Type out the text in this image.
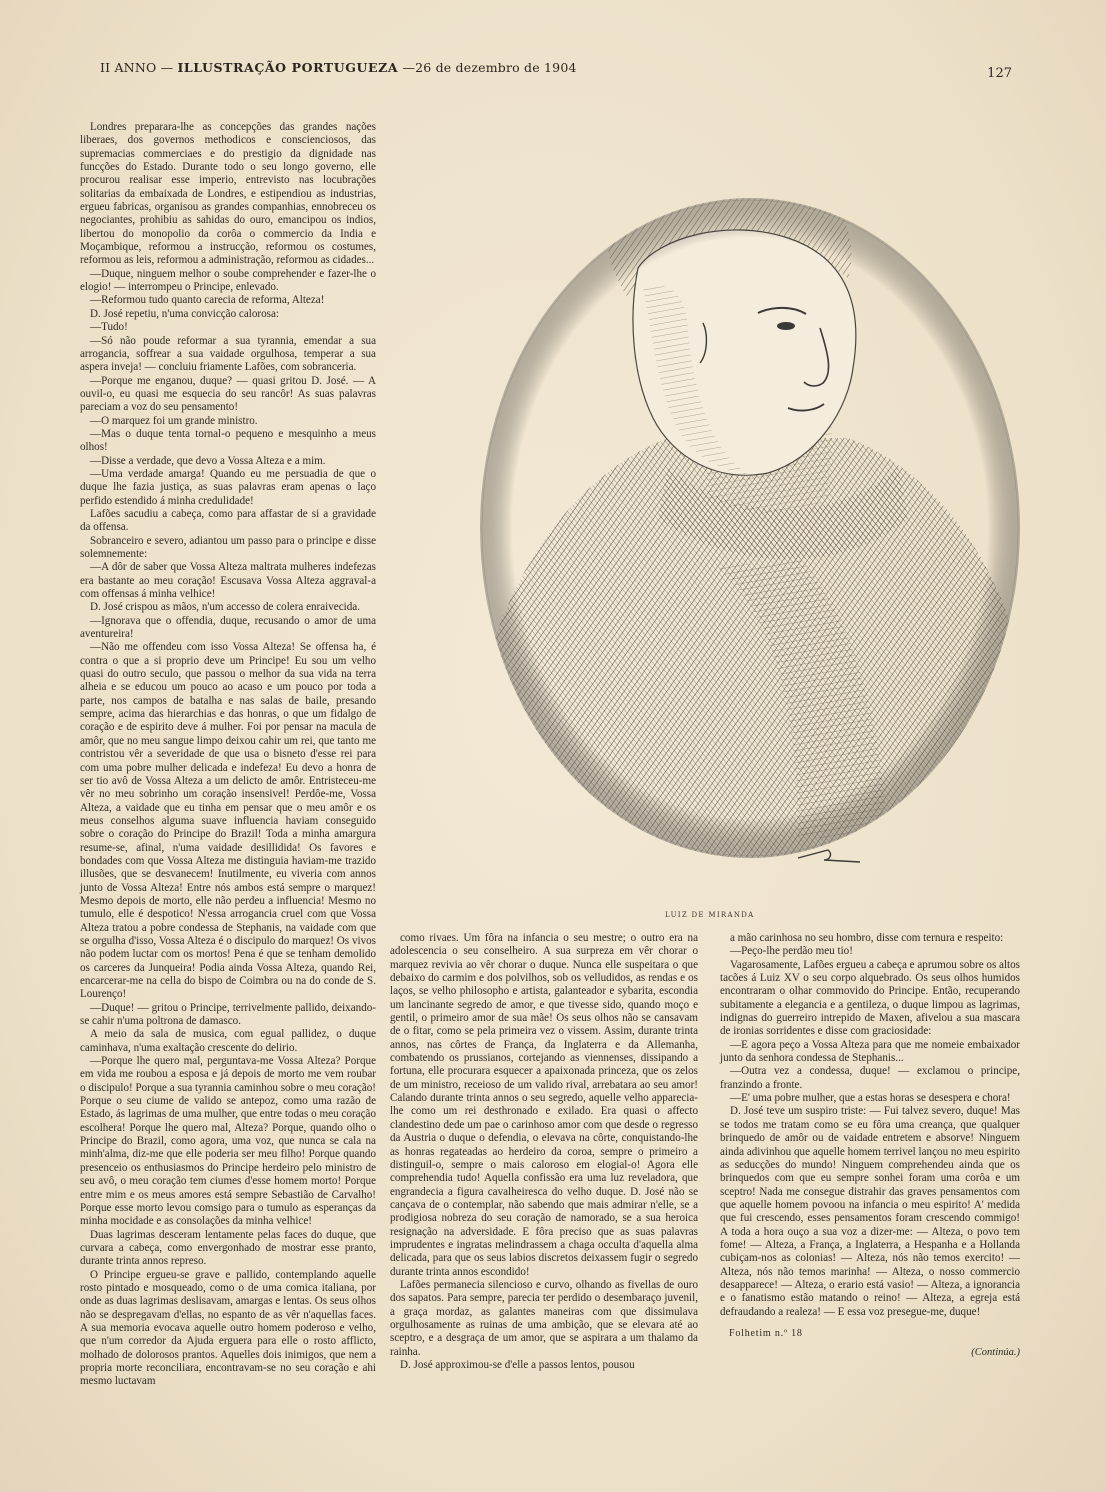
II ANNO — ILLUSTRAÇÃO PORTUGUEZA —26 de dezembro de 1904	127

Londres preparara-lhe as concepções das grandes nações liberaes, dos governos methodicos e conscienciosos, das supremacias commerciaes e do prestigio da dignidade nas funcções do Estado. Durante todo o seu longo governo, elle procurou realisar esse imperio, entrevisto nas locubrações solitarias da embaixada de Londres, e estipendiou as industrias, ergueu fabricas, organisou as grandes companhias, ennobreceu os negociantes, prohibiu as sahidas do ouro, emancipou os indios, libertou do monopolio da corôa o commercio da India e Moçambique, reformou a instrucção, reformou os costumes, reformou as leis, reformou a administração, reformou as cidades...

—Duque, ninguem melhor o soube comprehender e fazer-lhe o elogio! — interrompeu o Principe, enlevado.

—Reformou tudo quanto carecia de reforma, Alteza!

D. José repetiu, n'uma convicção calorosa:

—Tudo!

—Só não poude reformar a sua tyrannia, emendar a sua arrogancia, soffrear a sua vaidade orgulhosa, temperar a sua aspera inveja! — concluiu friamente Lafões, com sobranceria.

—Porque me enganou, duque? — quasi gritou D. José. — A ouvil-o, eu quasi me esquecia do seu rancôr! As suas palavras pareciam a voz do seu pensamento!

—O marquez foi um grande ministro.

—Mas o duque tenta tornal-o pequeno e mesquinho a meus olhos!

—Disse a verdade, que devo a Vossa Alteza e a mim.

—Uma verdade amarga! Quando eu me persuadia de que o duque lhe fazia justiça, as suas palavras eram apenas o laço perfido estendido á minha credulidade!

Lafões sacudiu a cabeça, como para affastar de si a gravidade da offensa.

Sobranceiro e severo, adiantou um passo para o principe e disse solemnemente:

—A dôr de saber que Vossa Alteza maltrata mulheres indefezas era bastante ao meu coração! Escusava Vossa Alteza aggraval-a com offensas á minha velhice!

D. José crispou as mãos, n'um accesso de colera enraivecida.

—Ignorava que o offendia, duque, recusando o amor de uma aventureira!

—Não me offendeu com isso Vossa Alteza! Se offensa ha, é contra o que a si proprio deve um Principe! Eu sou um velho quasi do outro seculo, que passou o melhor da sua vida na terra alheia e se educou um pouco ao acaso e um pouco por toda a parte, nos campos de batalha e nas salas de baile, presando sempre, acima das hierarchias e das honras, o que um fidalgo de coração e de espirito deve á mulher. Foi por pensar na macula de amôr, que no meu sangue limpo deixou cahir um rei, que tanto me contristou vêr a severidade de que usa o bisneto d'esse rei para com uma pobre mulher delicada e indefeza! Eu devo a honra de ser tio avô de Vossa Alteza a um delicto de amôr. Entristeceu-me vêr no meu sobrinho um coração insensivel! Perdôe-me, Vossa Alteza, a vaidade que eu tinha em pensar que o meu amôr e os meus conselhos alguma suave influencia haviam conseguido sobre o coração do Principe do Brazil! Toda a minha amargura resume-se, afinal, n'uma vaidade desillidida! Os favores e bondades com que Vossa Alteza me distinguia haviam-me trazido illusões, que se desvanecem! Inutilmente, eu viveria com annos junto de Vossa Alteza! Entre nós ambos está sempre o marquez! Mesmo depois de morto, elle não perdeu a influencia! Mesmo no tumulo, elle é despotico! N'essa arrogancia cruel com que Vossa Alteza tratou a pobre condessa de Stephanis, na vaidade com que se orgulha d'isso, Vossa Alteza é o discipulo do marquez! Os vivos não podem luctar com os mortos! Pena é que se tenham demolido os carceres da Junqueira! Podia ainda Vossa Alteza, quando Rei, encarcerar-me na cella do bispo de Coimbra ou na do conde de S. Lourenço!

—Duque! — gritou o Principe, terrivelmente pallido, deixando-se cahir n'uma poltrona de damasco.

A meio da sala de musica, com egual pallidez, o duque caminhava, n'uma exaltação crescente do delirio.

—Porque lhe quero mal, perguntava-me Vossa Alteza? Porque em vida me roubou a esposa e já depois de morto me vem roubar o discipulo! Porque a sua tyrannia caminhou sobre o meu coração! Porque o seu ciume de valido se antepoz, como uma razão de Estado, ás lagrimas de uma mulher, que entre todas o meu coração escolhera! Porque lhe quero mal, Alteza? Porque, quando olho o Principe do Brazil, como agora, uma voz, que nunca se cala na minh'alma, diz-me que elle poderia ser meu filho! Porque quando presenceio os enthusiasmos do Principe herdeiro pelo ministro de seu avô, o meu coração tem ciumes d'esse homem morto! Porque entre mim e os meus amores está sempre Sebastião de Carvalho! Porque esse morto levou comsigo para o tumulo as esperanças da minha mocidade e as consolações da minha velhice!

Duas lagrimas desceram lentamente pelas faces do duque, que curvara a cabeça, como envergonhado de mostrar esse pranto, durante trinta annos represo.

O Principe ergueu-se grave e pallido, contemplando aquelle rosto pintado e mosqueado, como o de uma comica italiana, por onde as duas lagrimas deslisavam, amargas e lentas. Os seus olhos não se despregavam d'ellas, no espanto de as vêr n'aquellas faces. A sua memoria evocava aquelle outro homem poderoso e velho, que n'um corredor da Ajuda erguera para elle o rosto afflicto, molhado de dolorosos prantos. Aquelles dois inimigos, que nem a propria morte reconciliara, encontravam-se no seu coração e ahi mesmo luctavam

LUIZ DE MIRANDA

como rivaes. Um fôra na infancia o seu mestre; o outro era na adolescencia o seu conselheiro. A sua surpreza em vêr chorar o marquez revivia ao vêr chorar o duque. Nunca elle suspeitara o que debaixo do carmim e dos polvilhos, sob os velludidos, as rendas e os laços, se velho philosopho e artista, galanteador e sybarita, escondia um lancinante segredo de amor, e que tivesse sido, quando moço e gentil, o primeiro amor de sua mãe! Os seus olhos não se cansavam de o fitar, como se pela primeira vez o vissem. Assim, durante trinta annos, nas côrtes de França, da Inglaterra e da Allemanha, combatendo os prussianos, cortejando as viennenses, dissipando a fortuna, elle procurara esquecer a apaixonada princeza, que os zelos de um ministro, receioso de um valido rival, arrebatara ao seu amor! Calando durante trinta annos o seu segredo, aquelle velho apparecia-lhe como um rei desthronado e exilado. Era quasi o affecto clandestino dede um pae o carinhoso amor com que desde o regresso da Austria o duque o defendia, o elevava na côrte, conquistando-lhe as honras regateadas ao herdeiro da coroa, sempre o primeiro a distinguil-o, sempre o mais caloroso em elogial-o! Agora elle comprehendia tudo! Aquella confissão era uma luz reveladora, que engrandecia a figura cavalheiresca do velho duque. D. José não se cançava de o contemplar, não sabendo que mais admirar n'elle, se a prodigiosa nobreza do seu coração de namorado, se a sua heroica resignação na adversidade. E fôra preciso que as suas palavras imprudentes e ingratas melindrassem a chaga occulta d'aquella alma delicada, para que os seus labios discretos deixassem fugir o segredo durante trinta annos escondido!

Lafões permanecia silencioso e curvo, olhando as fivellas de ouro dos sapatos. Para sempre, parecia ter perdido o desembaraço juvenil, a graça mordaz, as galantes maneiras com que dissimulava orgulhosamente as ruinas de uma ambição, que se elevara até ao sceptro, e a desgraça de um amor, que se aspirara a um thalamo da rainha.

D. José approximou-se d'elle a passos lentos, pousou

a mão carinhosa no seu hombro, disse com ternura e respeito:

—Peço-lhe perdão meu tio!

Vagarosamente, Lafões ergueu a cabeça e aprumou sobre os altos tacões á Luiz XV o seu corpo alquebrado. Os seus olhos humidos encontraram o olhar commovido do Principe. Então, recuperando subitamente a elegancia e a gentileza, o duque limpou as lagrimas, indignas do guerreiro intrepido de Maxen, afivelou a sua mascara de ironias sorridentes e disse com graciosidade:

—E agora peço a Vossa Alteza para que me nomeie embaixador junto da senhora condessa de Stephanis...

—Outra vez a condessa, duque! — exclamou o principe, franzindo a fronte.

—E' uma pobre mulher, que a estas horas se desespera e chora!

D. José teve um suspiro triste: — Fui talvez severo, duque! Mas se todos me tratam como se eu fôra uma creança, que qualquer brinquedo de amôr ou de vaidade entretem e absorve! Ninguem ainda adivinhou que aquelle homem terrivel lançou no meu espirito as seducções do mundo! Ninguem comprehendeu ainda que os brinquedos com que eu sempre sonhei foram uma corôa e um sceptro! Nada me consegue distrahir das graves pensamentos com que aquelle homem povoou na infancia o meu espirito! A' medida que fui crescendo, esses pensamentos foram crescendo commigo! A toda a hora ouço a sua voz a dizer-me: — Alteza, o povo tem fome! — Alteza, a França, a Inglaterra, a Hespanha e a Hollanda cubiçam-nos as colonias! — Alteza, nós não temos exercito! — Alteza, nós não temos marinha! — Alteza, o nosso commercio desapparece! — Alteza, o erario está vasio! — Alteza, a ignorancia e o fanatismo estão matando o reino! — Alteza, a egreja está defraudando a realeza! — E essa voz presegue-me, duque!

Folhetim n.º 18

(Continúa.)
